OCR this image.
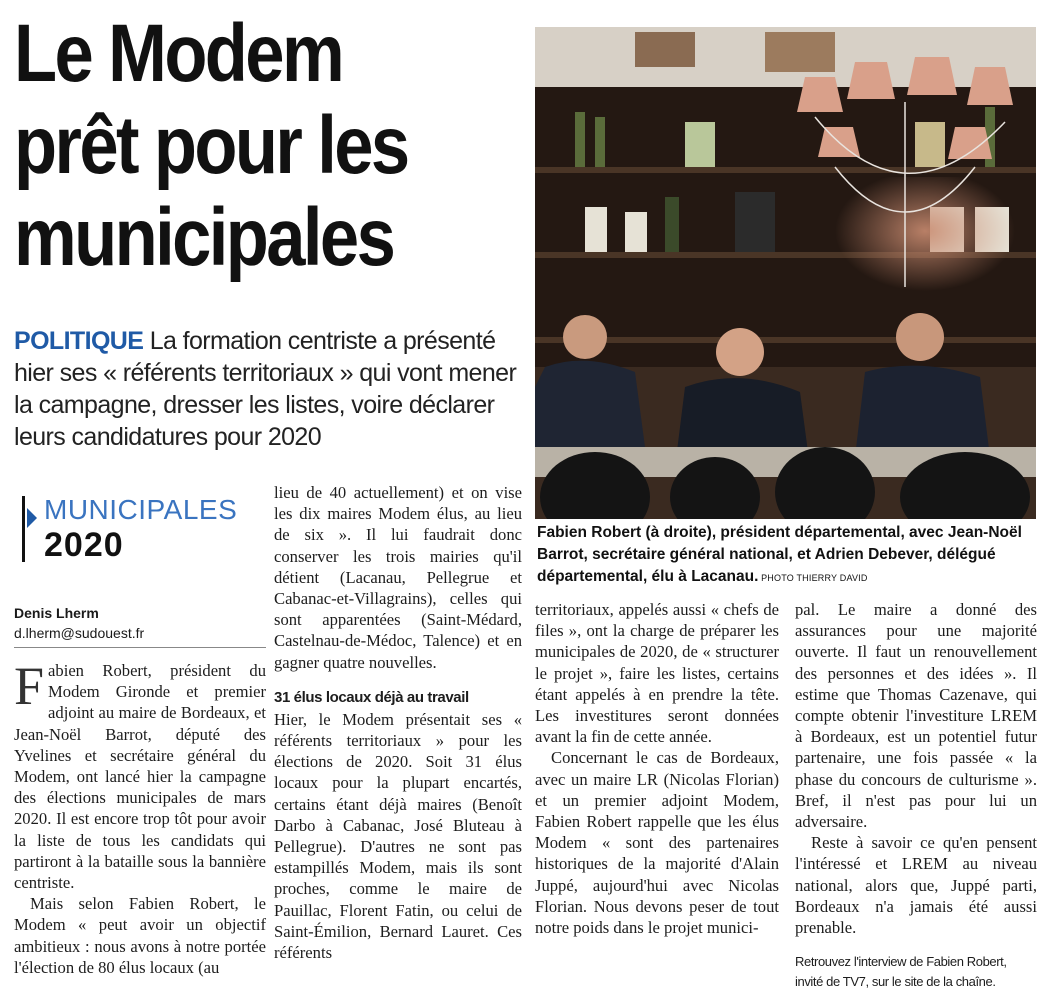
Le Modem
prêt pour les
municipales
POLITIQUE La formation centriste a présenté hier ses « référents territoriaux » qui vont mener la campagne, dresser les listes, voire déclarer leurs candidatures pour 2020
Fabien Robert (à droite), président départemental, avec Jean-Noël Barrot, secrétaire général national, et Adrien Debever, délégué départemental, élu à Lacanau. PHOTO THIERRY DAVID
MUNICIPALES
2020
Denis Lherm
d.lherm@sudouest.fr

Fabien Robert, président du Modem Gironde et premier adjoint au maire de Bordeaux, et Jean-Noël Barrot, député des Yvelines et secrétaire général du Modem, ont lancé hier la campagne des élections municipales de mars 2020. Il est encore trop tôt pour avoir la liste de tous les candidats qui partiront à la bataille sous la bannière centriste.

Mais selon Fabien Robert, le Modem « peut avoir un objectif ambitieux : nous avons à notre portée l'élection de 80 élus locaux (au

lieu de 40 actuellement) et on vise les dix maires Modem élus, au lieu de six ». Il lui faudrait donc conserver les trois mairies qu'il détient (Lacanau, Pellegrue et Cabanac-et-Villagrains), celles qui sont apparentées (Saint-Médard, Castelnau-de-Médoc, Talence) et en gagner quatre nouvelles.

31 élus locaux déjà au travail

Hier, le Modem présentait ses « référents territoriaux » pour les élections de 2020. Soit 31 élus locaux pour la plupart encartés, certains étant déjà maires (Benoît Darbo à Cabanac, José Bluteau à Pellegrue). D'autres ne sont pas estampillés Modem, mais ils sont proches, comme le maire de Pauillac, Florent Fatin, ou celui de Saint-Émilion, Bernard Lauret. Ces référents

territoriaux, appelés aussi « chefs de files », ont la charge de préparer les municipales de 2020, de « structurer le projet », faire les listes, certains étant appelés à en prendre la tête. Les investitures seront données avant la fin de cette année.

Concernant le cas de Bordeaux, avec un maire LR (Nicolas Florian) et un premier adjoint Modem, Fabien Robert rappelle que les élus Modem « sont des partenaires historiques de la majorité d'Alain Juppé, aujourd'hui avec Nicolas Florian. Nous devons peser de tout notre poids dans le projet munici-

pal. Le maire a donné des assurances pour une majorité ouverte. Il faut un renouvellement des personnes et des idées ». Il estime que Thomas Cazenave, qui compte obtenir l'investiture LREM à Bordeaux, est un potentiel futur partenaire, une fois passée « la phase du concours de culturisme ». Bref, il n'est pas pour lui un adversaire.

Reste à savoir ce qu'en pensent l'intéressé et LREM au niveau national, alors que, Juppé parti, Bordeaux n'a jamais été aussi prenable.

Retrouvez l'interview de Fabien Robert, invité de TV7, sur le site de la chaîne.
